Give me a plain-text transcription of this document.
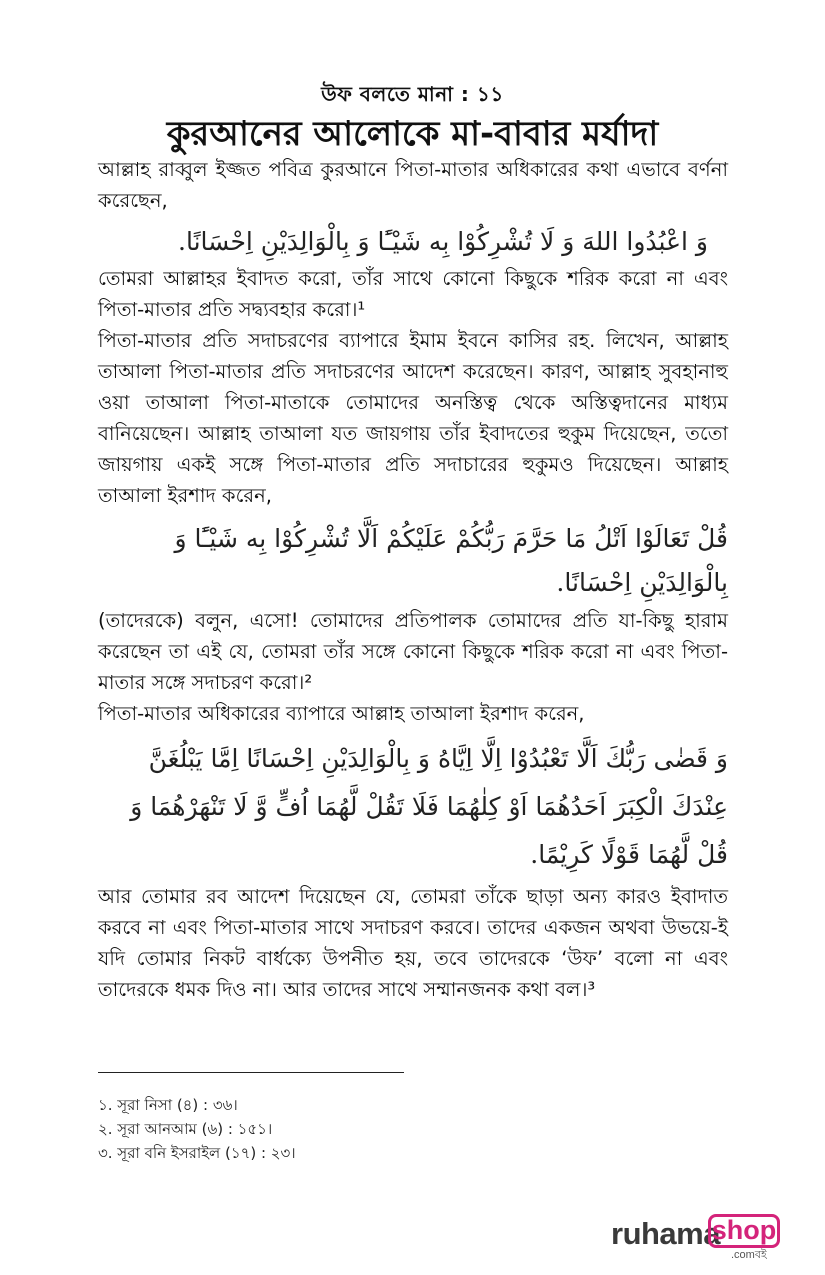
উফ বলতে মানা : ১১
কুরআনের আলোকে মা-বাবার মর্যাদা

আল্লাহ রাব্বুল ইজ্জত পবিত্র কুরআনে পিতা-মাতার অধিকারের কথা এভাবে বর্ণনা করেছেন,

وَ اعْبُدُوا اللهَ وَ لَا تُشْرِكُوْا بِه شَيْـًٔا وَ بِالْوَالِدَيْنِ اِحْسَانًا.

তোমরা আল্লাহর ইবাদত করো, তাঁর সাথে কোনো কিছুকে শরিক করো না এবং পিতা-মাতার প্রতি সদ্ব্যবহার করো।¹

পিতা-মাতার প্রতি সদাচরণের ব্যাপারে ইমাম ইবনে কাসির রহ. লিখেন, আল্লাহ তাআলা পিতা-মাতার প্রতি সদাচরণের আদেশ করেছেন। কারণ, আল্লাহ সুবহানাহু ওয়া তাআলা পিতা-মাতাকে তোমাদের অনস্তিত্ব থেকে অস্তিত্বদানের মাধ্যম বানিয়েছেন। আল্লাহ তাআলা যত জায়গায় তাঁর ইবাদতের হুকুম দিয়েছেন, ততো জায়গায় একই সঙ্গে পিতা-মাতার প্রতি সদাচারের হুকুমও দিয়েছেন। আল্লাহ তাআলা ইরশাদ করেন,

قُلْ تَعَالَوْا اَتْلُ مَا حَرَّمَ رَبُّكُمْ عَلَيْكُمْ اَلَّا تُشْرِكُوْا بِه شَيْـًٔا وَ بِالْوَالِدَيْنِ اِحْسَانًا.

(তাদেরকে) বলুন, এসো! তোমাদের প্রতিপালক তোমাদের প্রতি যা-কিছু হারাম করেছেন তা এই যে, তোমরা তাঁর সঙ্গে কোনো কিছুকে শরিক করো না এবং পিতা-মাতার সঙ্গে সদাচরণ করো।²

পিতা-মাতার অধিকারের ব্যাপারে আল্লাহ তাআলা ইরশাদ করেন,

وَ قَضٰى رَبُّكَ اَلَّا تَعْبُدُوْا اِلَّا اِيَّاهُ وَ بِالْوَالِدَيْنِ اِحْسَانًا اِمَّا يَبْلُغَنَّ عِنْدَكَ الْكِبَرَ اَحَدُهُمَا اَوْ كِلٰهُمَا فَلَا تَقُلْ لَّهُمَا اُفٍّ وَّ لَا تَنْهَرْهُمَا وَ قُلْ لَّهُمَا قَوْلًا كَرِيْمًا.

আর তোমার রব আদেশ দিয়েছেন যে, তোমরা তাঁকে ছাড়া অন্য কারও ইবাদাত করবে না এবং পিতা-মাতার সাথে সদাচরণ করবে। তাদের একজন অথবা উভয়ে-ই যদি তোমার নিকট বার্ধক্যে উপনীত হয়, তবে তাদেরকে ‘উফ’ বলো না এবং তাদেরকে ধমক দিও না। আর তাদের সাথে সম্মানজনক কথা বল।³

১. সূরা নিসা (৪) : ৩৬।
২. সূরা আনআম (৬) : ১৫১।
৩. সূরা বনি ইসরাইল (১৭) : ২৩।
ruhama
shop
.comবই
